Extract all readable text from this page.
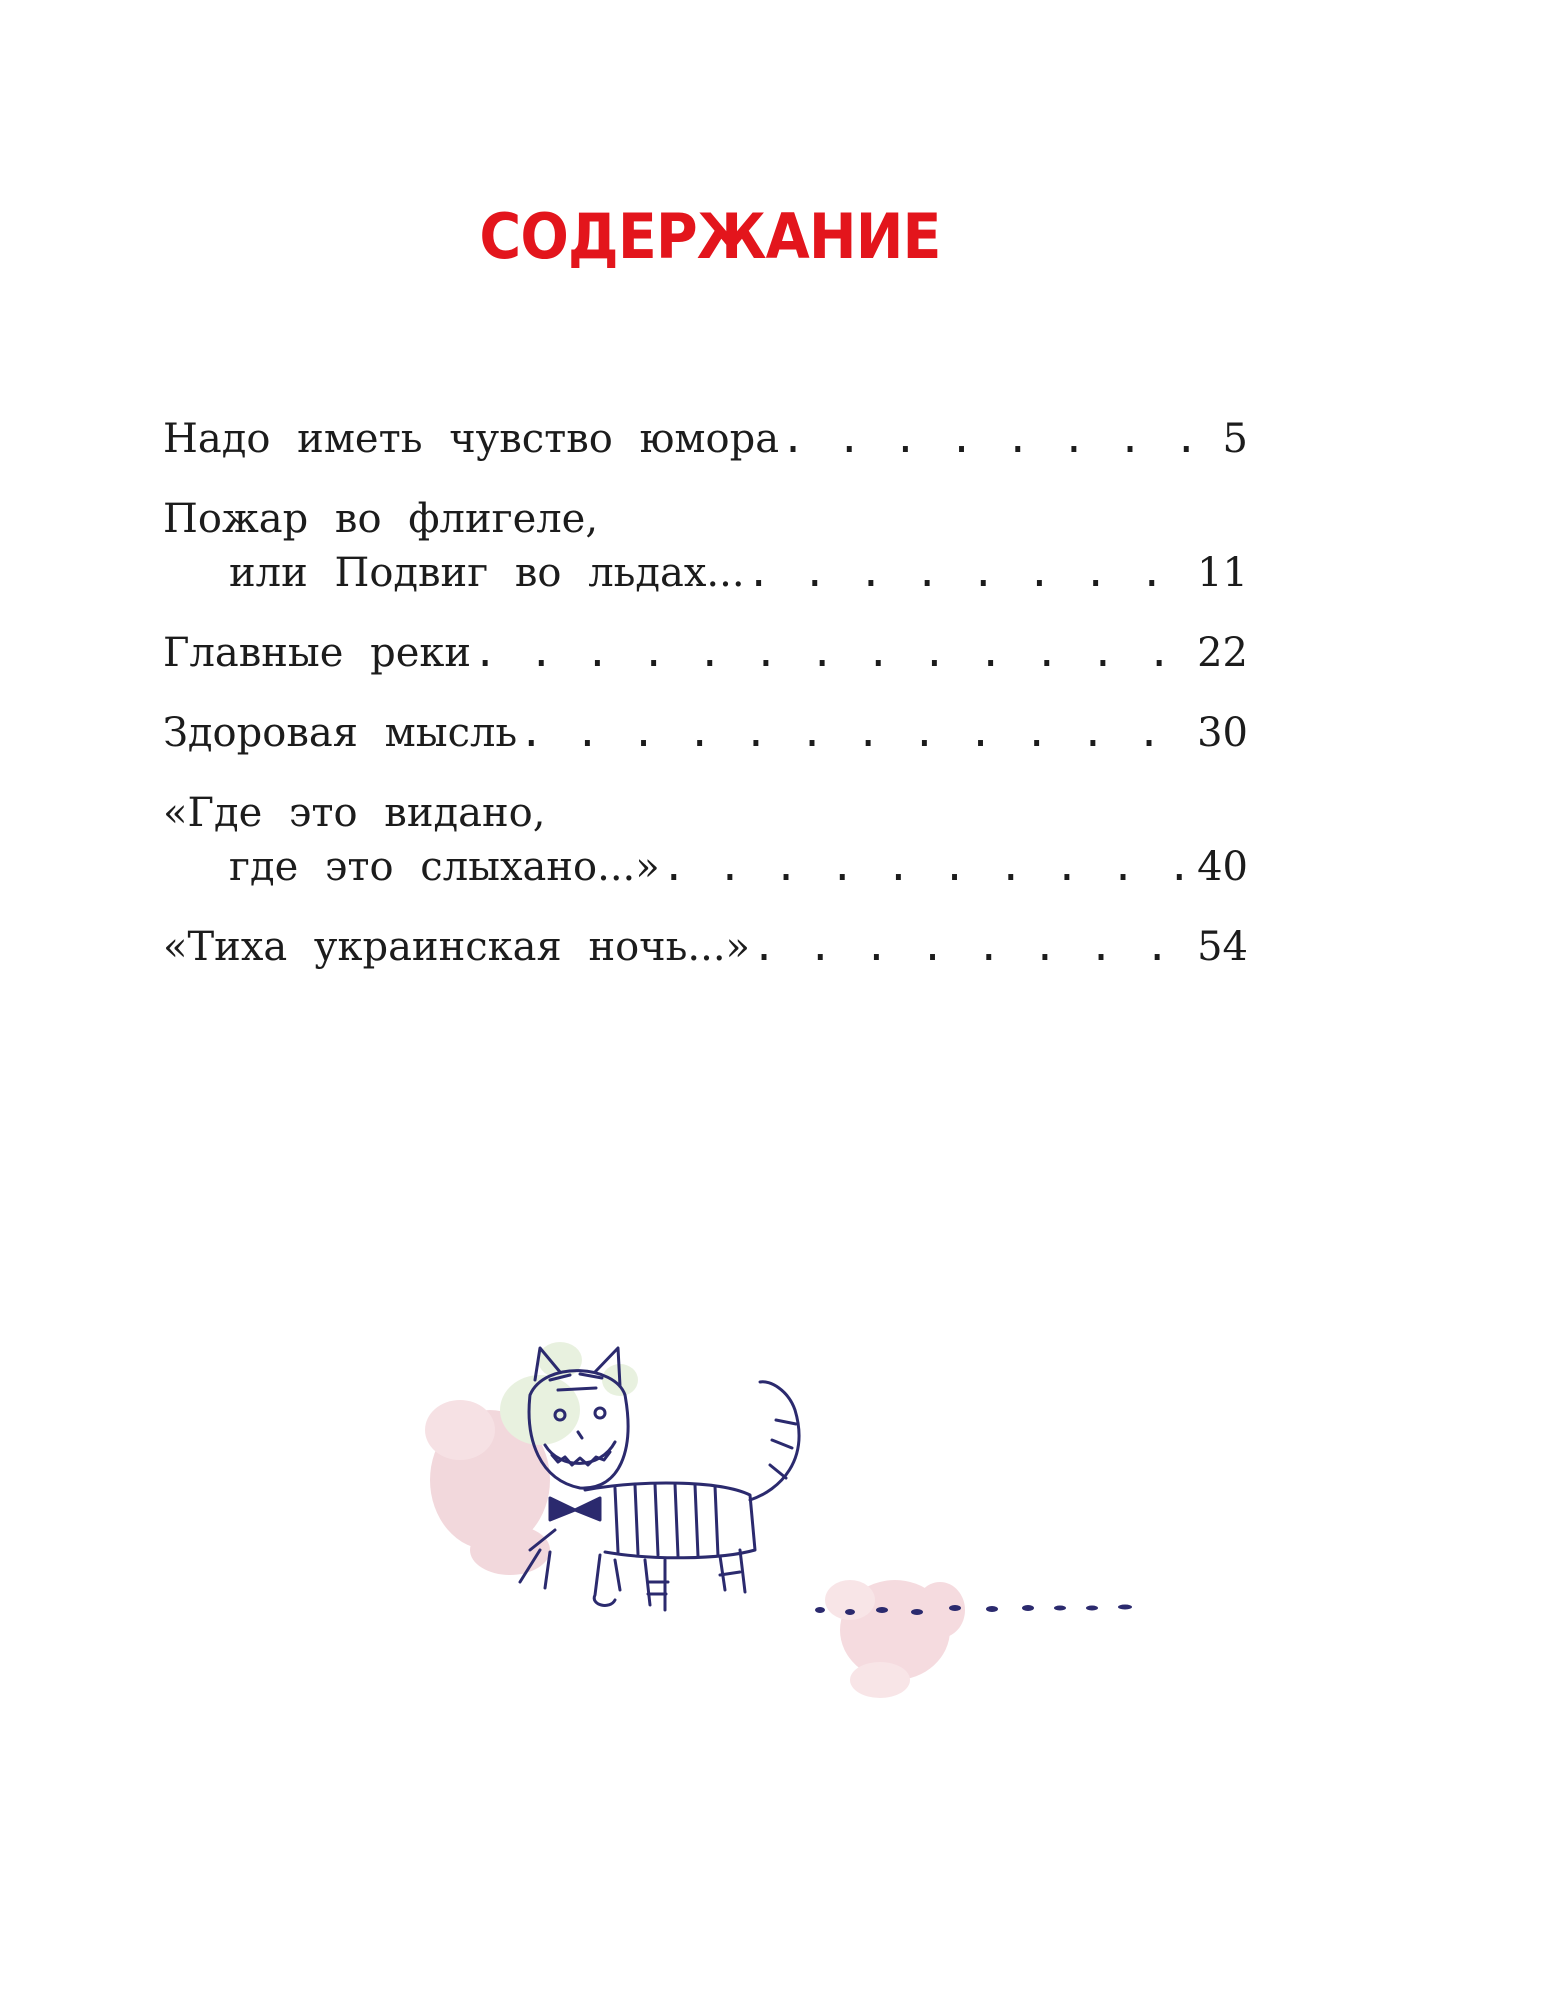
СОДЕРЖАНИЕ
Надо иметь чувство юмора . . .	5
Пожар во флигеле,
или Подвиг во льдах... . . .	11
Главные реки . . .	22
Здоровая мысль . . .	30
«Где это видано,
где это слыхано...» . . .	40
«Тиха украинская ночь...» . . .	54
